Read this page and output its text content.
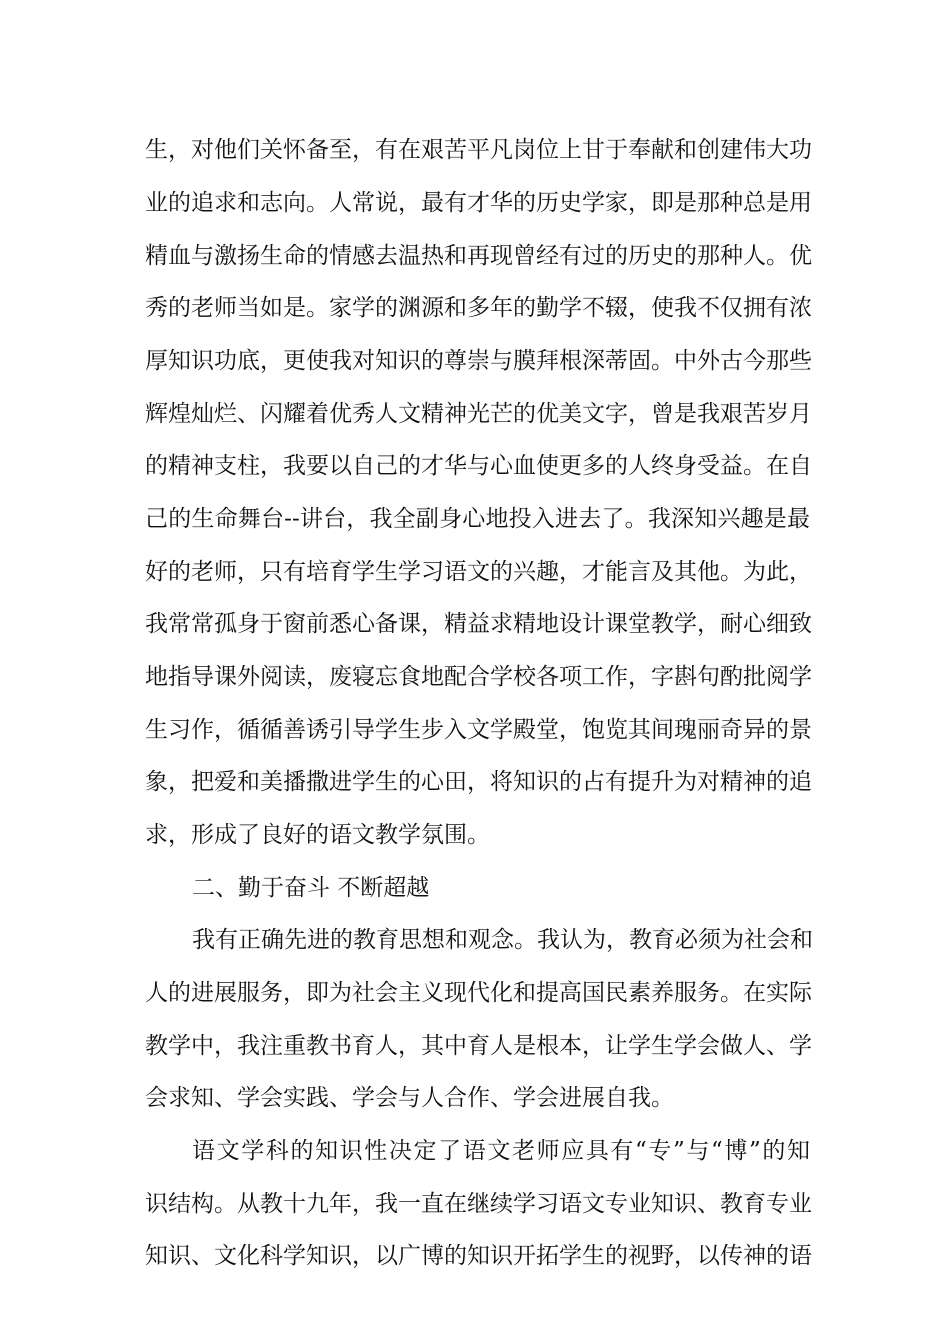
生，对他们关怀备至，有在艰苦平凡岗位上甘于奉献和创建伟大功
业的追求和志向。人常说，最有才华的历史学家，即是那种总是用
精血与激扬生命的情感去温热和再现曾经有过的历史的那种人。优
秀的老师当如是。家学的渊源和多年的勤学不辍，使我不仅拥有浓
厚知识功底，更使我对知识的尊崇与膜拜根深蒂固。中外古今那些
辉煌灿烂、闪耀着优秀人文精神光芒的优美文字，曾是我艰苦岁月
的精神支柱，我要以自己的才华与心血使更多的人终身受益。在自
己的生命舞台--讲台，我全副身心地投入进去了。我深知兴趣是最
好的老师，只有培育学生学习语文的兴趣，才能言及其他。为此，
我常常孤身于窗前悉心备课，精益求精地设计课堂教学，耐心细致
地指导课外阅读，废寝忘食地配合学校各项工作，字斟句酌批阅学
生习作，循循善诱引导学生步入文学殿堂，饱览其间瑰丽奇异的景
象，把爱和美播撒进学生的心田，将知识的占有提升为对精神的追
求，形成了良好的语文教学氛围。
二、勤于奋斗 不断超越
我有正确先进的教育思想和观念。我认为，教育必须为社会和
人的进展服务，即为社会主义现代化和提高国民素养服务。在实际
教学中，我注重教书育人，其中育人是根本，让学生学会做人、学
会求知、学会实践、学会与人合作、学会进展自我。
语文学科的知识性决定了语文老师应具有“专”与“博”的知
识结构。从教十九年，我一直在继续学习语文专业知识、教育专业
知识、文化科学知识，以广博的知识开拓学生的视野，以传神的语
